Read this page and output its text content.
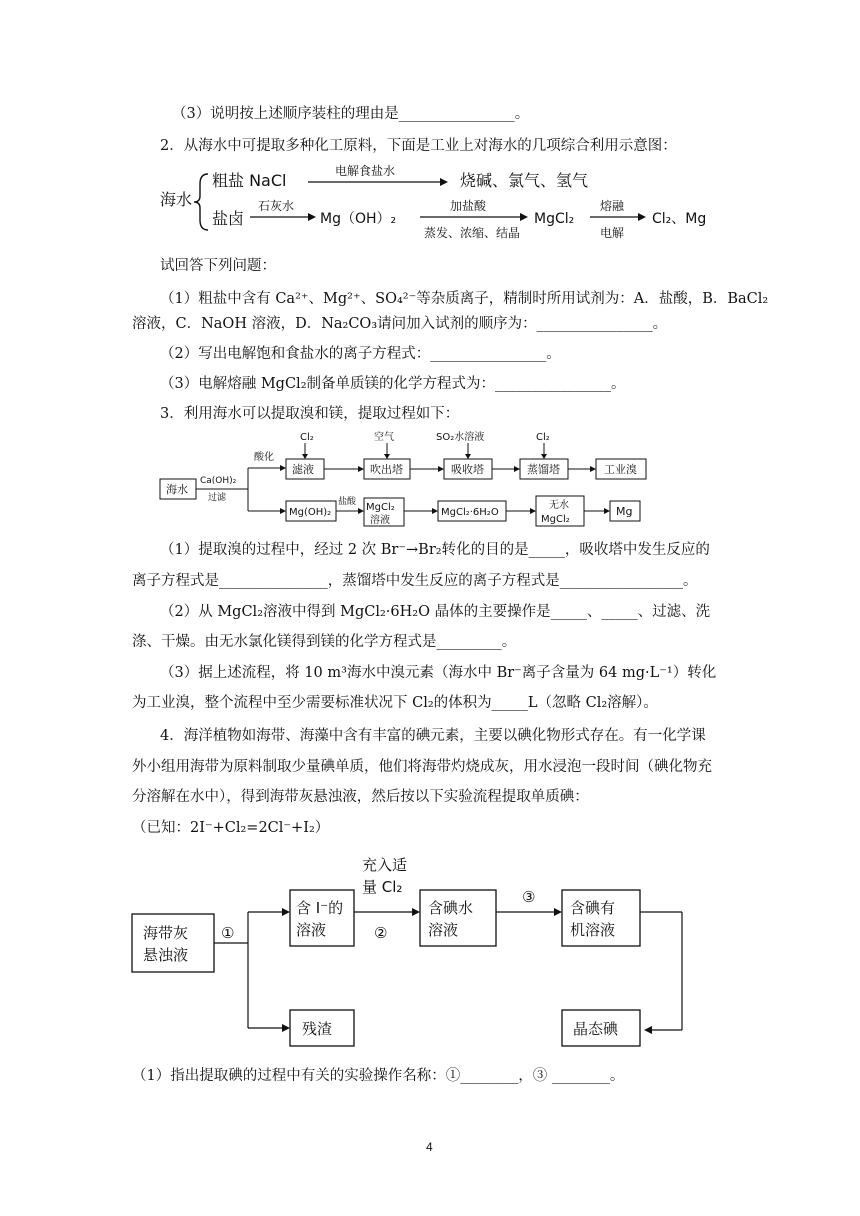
（3）说明按上述顺序装柱的理由是________________。
2．从海水中可提取多种化工原料，下面是工业上对海水的几项综合利用示意图：
海水
粗盐 NaCl
盐卤
电解食盐水	烧碱、氯气、氢气
石灰水
Mg（OH）₂
加盐酸
蒸发、浓缩、结晶
MgCl₂
熔融
电解
Cl₂、Mg
试回答下列问题：
（1）粗盐中含有 Ca²⁺、Mg²⁺、SO₄²⁻等杂质离子，精制时所用试剂为：A．盐酸，B．BaCl₂
溶液，C．NaOH 溶液，D．Na₂CO₃请问加入试剂的顺序为：________________。
（2）写出电解饱和食盐水的离子方程式：________________。
（3）电解熔融 MgCl₂制备单质镁的化学方程式为：________________。
3．利用海水可以提取溴和镁，提取过程如下：
海水
Ca(OH)₂
过滤
酸化
滤液	吹出塔	吸收塔	蒸馏塔	工业溴
Cl₂	空气	SO₂水溶液	Cl₂
Mg(OH)₂
盐酸 MgCl₂
溶液
MgCl₂·6H₂O
无水
MgCl₂
Mg
（1）提取溴的过程中，经过 2 次 Br⁻→Br₂转化的目的是_____，吸收塔中发生反应的
离子方程式是_______________，蒸馏塔中发生反应的离子方程式是_________________。
（2）从 MgCl₂溶液中得到 MgCl₂·6H₂O 晶体的主要操作是_____、_____、过滤、洗
涤、干燥。由无水氯化镁得到镁的化学方程式是_________。
（3）据上述流程，将 10 m³海水中溴元素（海水中 Br⁻离子含量为 64 mg·L⁻¹）转化
为工业溴，整个流程中至少需要标准状况下 Cl₂的体积为_____L（忽略 Cl₂溶解）。
4．海洋植物如海带、海藻中含有丰富的碘元素，主要以碘化物形式存在。有一化学课
外小组用海带为原料制取少量碘单质，他们将海带灼烧成灰，用水浸泡一段时间（碘化物充
分溶解在水中），得到海带灰悬浊液，然后按以下实验流程提取单质碘：
（已知：2I⁻+Cl₂=2Cl⁻+I₂）
海带灰
悬浊液
①
含 I⁻的
溶液
充入适
量 Cl₂
②
含碘水
溶液
③
含碘有
机溶液
残渣	晶态碘
（1）指出提取碘的过程中有关的实验操作名称：①________，③ ________。
4
